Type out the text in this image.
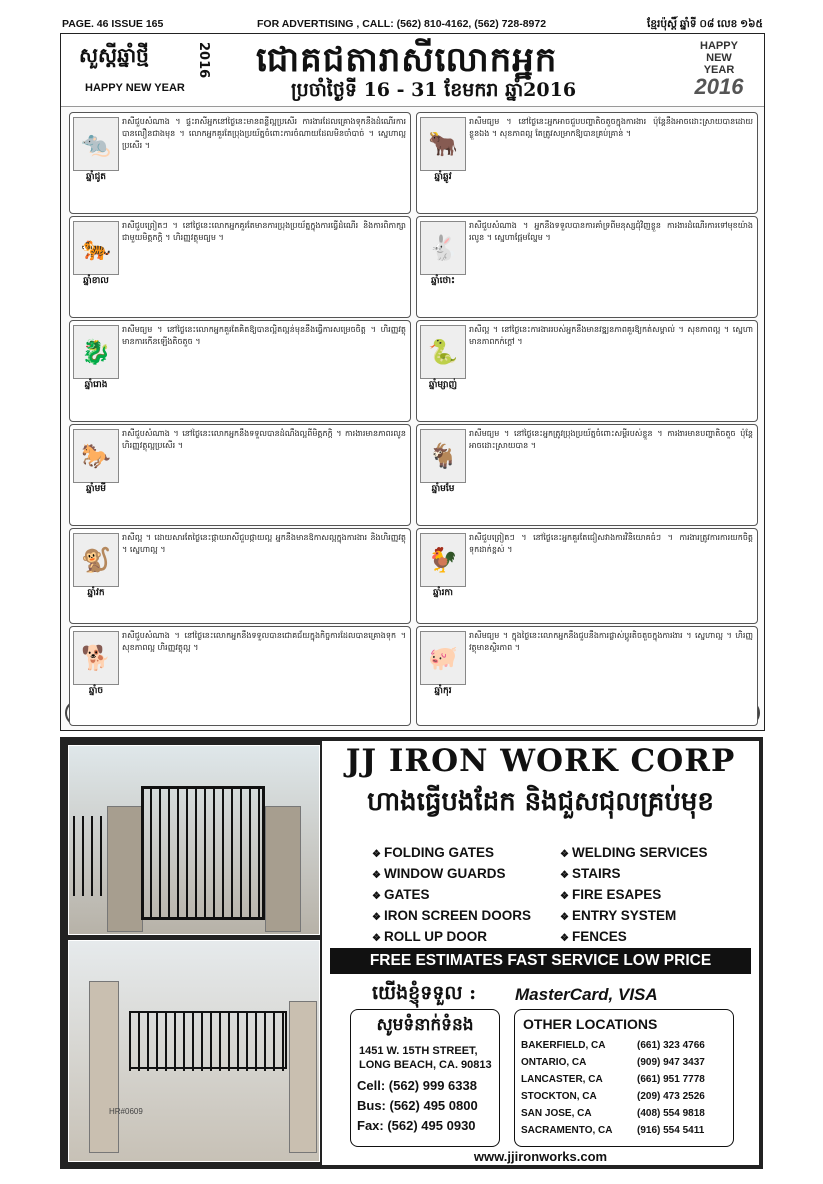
PAGE. 46 ISSUE 165	FOR ADVERTISING , CALL: (562) 810-4162, (562) 728-8972	ខ្មែរប៉ុស្ដិ៍ ឆ្នាំទី ០៨ លេខ ១៦៥
សួស្ដីឆ្នាំថ្មី	2016
HAPPY NEW YEAR
ជោគជតារាសីលោកអ្នក
ប្រចាំថ្ងៃទី 16 - 31 ខែមករា ឆ្នាំ2016
HAPPY
NEW
YEAR
2016
🐀
ឆ្នាំជូត
រាសីជួបសំណាង ។ ផ្ទះរាសីអ្នកនៅថ្ងៃនេះមានពន្លឺល្អប្រសើរ ការងារដែលគ្រោងទុកនឹងដំណើរការបានលឿនជាងមុន ។ លោកអ្នកគួរតែប្រុងប្រយ័ត្នចំពោះការចំណាយដែលមិនចាំបាច់ ។ ស្នេហាល្អប្រសើរ ។	🐂
ឆ្នាំឆ្លូវ
រាសីមធ្យម ។ នៅថ្ងៃនេះអ្នកអាចជួបបញ្ហាតិចតួចក្នុងការងារ ប៉ុន្តែនឹងអាចដោះស្រាយបានដោយខ្លួនឯង ។ សុខភាពល្អ តែត្រូវសម្រាកឱ្យបានគ្រប់គ្រាន់ ។
🐅
ឆ្នាំខាល
រាសីជួបព្រៀតៗ ។ នៅថ្ងៃនេះលោកអ្នកគួរតែមានការប្រុងប្រយ័ត្នក្នុងការធ្វើដំណើរ និងការពិភាក្សាជាមួយមិត្តភក្តិ ។ ហិរញ្ញវត្ថុមធ្យម ។	🐇
ឆ្នាំថោះ
រាសីជួបសំណាង ។ អ្នកនឹងទទួលបានការគាំទ្រពីមនុស្សជុំវិញខ្លួន ការងារដំណើរការទៅមុខយ៉ាងរលូន ។ ស្នេហាផ្អែមល្ហែម ។
🐉
ឆ្នាំរោង
រាសីមធ្យម ។ នៅថ្ងៃនេះលោកអ្នកគួរតែគិតឱ្យបានល្អិតល្អន់មុននឹងធ្វើការសម្រេចចិត្ត ។ ហិរញ្ញវត្ថុមានការកើនឡើងតិចតួច ។	🐍
ឆ្នាំម្សាញ់
រាសីល្អ ។ នៅថ្ងៃនេះការងាររបស់អ្នកនឹងមានវឌ្ឍនភាពគួរឱ្យកត់សម្គាល់ ។ សុខភាពល្អ ។ ស្នេហាមានភាពកក់ក្ដៅ ។
🐎
ឆ្នាំមមី
រាសីជួបសំណាង ។ នៅថ្ងៃនេះលោកអ្នកនឹងទទួលបានដំណឹងល្អពីមិត្តភក្តិ ។ ការងារមានភាពរលូន ហិរញ្ញវត្ថុល្អប្រសើរ ។	🐐
ឆ្នាំមមែ
រាសីមធ្យម ។ នៅថ្ងៃនេះអ្នកត្រូវប្រុងប្រយ័ត្នចំពោះសម្ដីរបស់ខ្លួន ។ ការងារមានបញ្ហាតិចតួច ប៉ុន្តែអាចដោះស្រាយបាន ។
🐒
ឆ្នាំវក
រាសីល្អ ។ ដោយសារតែថ្ងៃនេះផ្កាយរាសីជួបផ្កាយល្អ អ្នកនឹងមានឱកាសល្អក្នុងការងារ និងហិរញ្ញវត្ថុ ។ ស្នេហាល្អ ។	🐓
ឆ្នាំរកា
រាសីជួបព្រៀតៗ ។ នៅថ្ងៃនេះអ្នកគួរតែជៀសវាងការវិនិយោគធំៗ ។ ការងារត្រូវការការយកចិត្តទុកដាក់ខ្ពស់ ។
🐕
ឆ្នាំច
រាសីជួបសំណាង ។ នៅថ្ងៃនេះលោកអ្នកនឹងទទួលបានជោគជ័យក្នុងកិច្ចការដែលបានគ្រោងទុក ។ សុខភាពល្អ ហិរញ្ញវត្ថុល្អ ។	🐖
ឆ្នាំកុរ
រាសីមធ្យម ។ ក្នុងថ្ងៃនេះលោកអ្នកនឹងជួបនឹងការផ្លាស់ប្ដូរតិចតួចក្នុងការងារ ។ ស្នេហាល្អ ។ ហិរញ្ញវត្ថុមានស្ថិរភាព ។
HR#0609
JJ IRON WORK CORP
ហាងធ្វើបងដែក និងជួសជុលគ្រប់មុខ
❖ FOLDING GATES
❖ WINDOW GUARDS
❖ GATES
❖ IRON SCREEN DOORS
❖ ROLL UP DOOR
❖ WELDING SERVICES
❖ STAIRS
❖ FIRE ESAPES
❖ ENTRY SYSTEM
❖ FENCES
FREE ESTIMATES FAST SERVICE LOW PRICE
យើងខ្ញុំទទួល : MasterCard, VISA
សូមទំនាក់ទំនង
1451 W. 15TH STREET,
LONG BEACH, CA. 90813
Cell: (562) 999 6338
Bus: (562) 495 0800
Fax: (562) 495 0930
OTHER LOCATIONS
BAKERFIELD, CA	(661) 323 4766
ONTARIO, CA	(909) 947 3437
LANCASTER, CA	(661) 951 7778
STOCKTON, CA	(209) 473 2526
SAN JOSE, CA	(408) 554 9818
SACRAMENTO, CA (916) 554 5411
www.jjironworks.com
